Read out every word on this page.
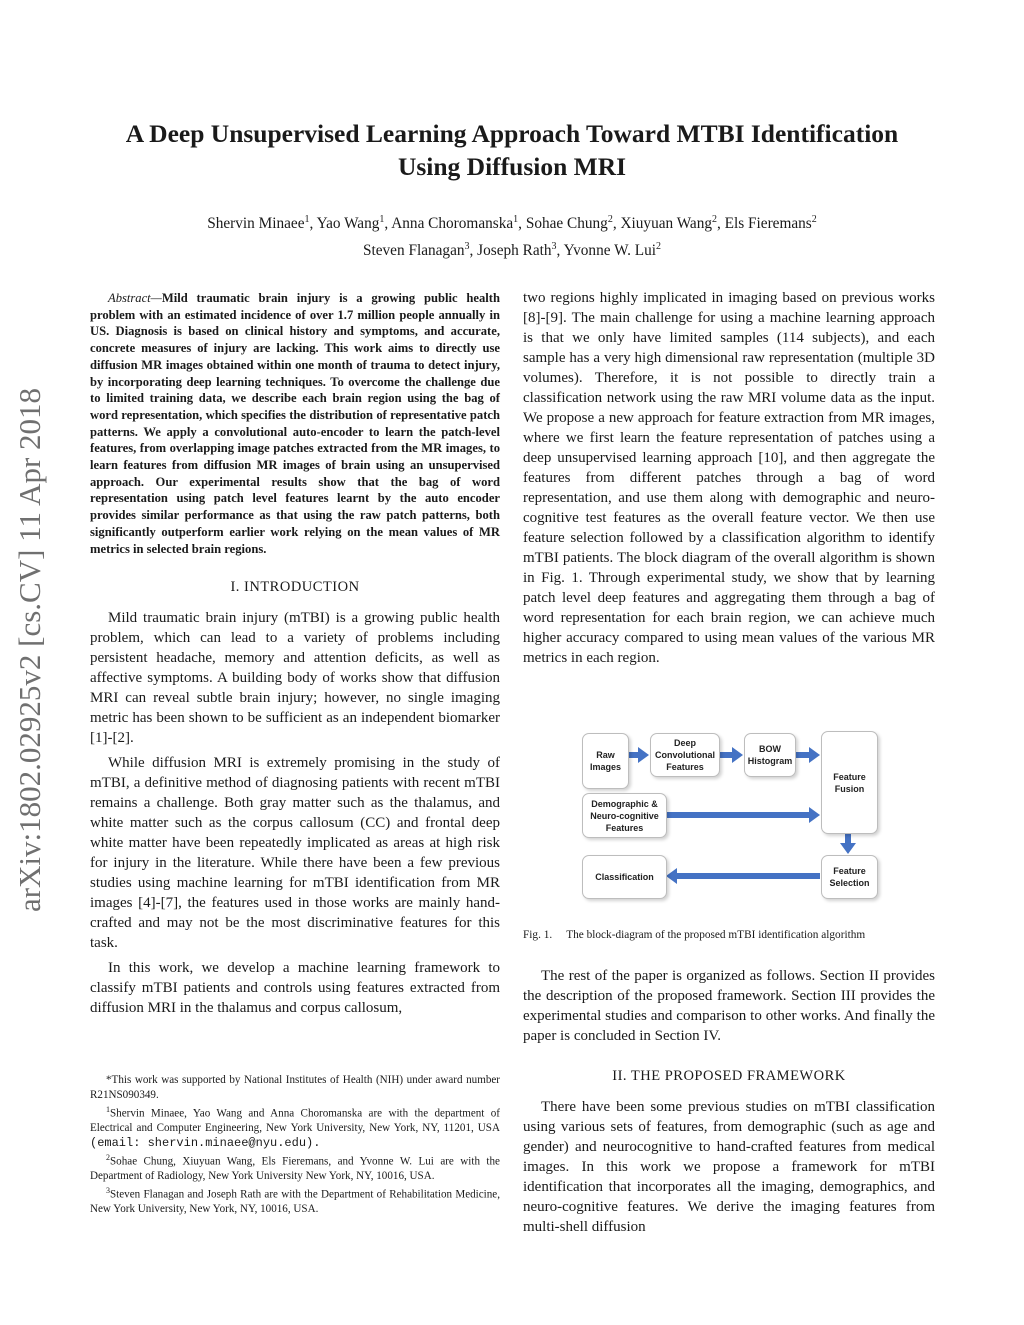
arXiv:1802.02925v2 [cs.CV] 11 Apr 2018
A Deep Unsupervised Learning Approach Toward MTBI Identification
Using Diffusion MRI
Shervin Minaee$^1$, Yao Wang$^1$, Anna Choromanska$^1$, Sohae Chung$^2$, Xiuyuan Wang$^2$, Els Fieremans$^2$
Steven Flanagan$^3$, Joseph Rath$^3$, Yvonne W. Lui$^2$

Abstract—Mild traumatic brain injury is a growing public health problem with an estimated incidence of over 1.7 million people annually in US. Diagnosis is based on clinical history and symptoms, and accurate, concrete measures of injury are lacking. This work aims to directly use diffusion MR images obtained within one month of trauma to detect injury, by incorporating deep learning techniques. To overcome the challenge due to limited training data, we describe each brain region using the bag of word representation, which specifies the distribution of representative patch patterns. We apply a convolutional auto-encoder to learn the patch-level features, from overlapping image patches extracted from the MR images, to learn features from diffusion MR images of brain using an unsupervised approach. Our experimental results show that the bag of word representation using patch level features learnt by the auto encoder provides similar performance as that using the raw patch patterns, both significantly outperform earlier work relying on the mean values of MR metrics in selected brain regions.

I. INTRODUCTION

Mild traumatic brain injury (mTBI) is a growing public health problem, which can lead to a variety of problems including persistent headache, memory and attention deficits, as well as affective symptoms. A building body of works show that diffusion MRI can reveal subtle brain injury; however, no single imaging metric has been shown to be sufficient as an independent biomarker [1]-[2].

While diffusion MRI is extremely promising in the study of mTBI, a definitive method of diagnosing patients with recent mTBI remains a challenge. Both gray matter such as the thalamus, and white matter such as the corpus callosum (CC) and frontal deep white matter have been repeatedly implicated as areas at high risk for injury in the literature. While there have been a few previous studies using machine learning for mTBI identification from MR images [4]-[7], the features used in those works are mainly hand-crafted and may not be the most discriminative features for this task.

In this work, we develop a machine learning framework to classify mTBI patients and controls using features extracted from diffusion MRI in the thalamus and corpus callosum,

*This work was supported by National Institutes of Health (NIH) under award number R21NS090349.

$^1$Shervin Minaee, Yao Wang and Anna Choromanska are with the department of Electrical and Computer Engineering, New York University, New York, NY, 11201, USA (email: shervin.minaee@nyu.edu).

$^2$Sohae Chung, Xiuyuan Wang, Els Fieremans, and Yvonne W. Lui are with the Department of Radiology, New York University New York, NY, 10016, USA.

$^3$Steven Flanagan and Joseph Rath are with the Department of Rehabilitation Medicine, New York University, New York, NY, 10016, USA.

two regions highly implicated in imaging based on previous works [8]-[9]. The main challenge for using a machine learning approach is that we only have limited samples (114 subjects), and each sample has a very high dimensional raw representation (multiple 3D volumes). Therefore, it is not possible to directly train a classification network using the raw MRI volume data as the input. We propose a new approach for feature extraction from MR images, where we first learn the feature representation of patches using a deep unsupervised learning approach [10], and then aggregate the features from different patches through a bag of word representation, and use them along with demographic and neuro-cognitive test features as the overall feature vector. We then use feature selection followed by a classification algorithm to identify mTBI patients. The block diagram of the overall algorithm is shown in Fig. 1. Through experimental study, we show that by learning patch level deep features and aggregating them through a bag of word representation for each brain region, we can achieve much higher accuracy compared to using mean values of the various MR metrics in each region.

Raw Images
Deep Convolutional Features
BOW Histogram
Feature Fusion
Demographic & Neuro-cognitive Features
Classification
Feature Selection
Fig. 1. The block-diagram of the proposed mTBI identification algorithm

The rest of the paper is organized as follows. Section II provides the description of the proposed framework. Section III provides the experimental studies and comparison to other works. And finally the paper is concluded in Section IV.

II. THE PROPOSED FRAMEWORK

There have been some previous studies on mTBI classification using various sets of features, from demographic (such as age and gender) and neurocognitive to hand-crafted features from medical images. In this work we propose a framework for mTBI identification that incorporates all the imaging, demographics, and neuro-cognitive features. We derive the imaging features from multi-shell diffusion
